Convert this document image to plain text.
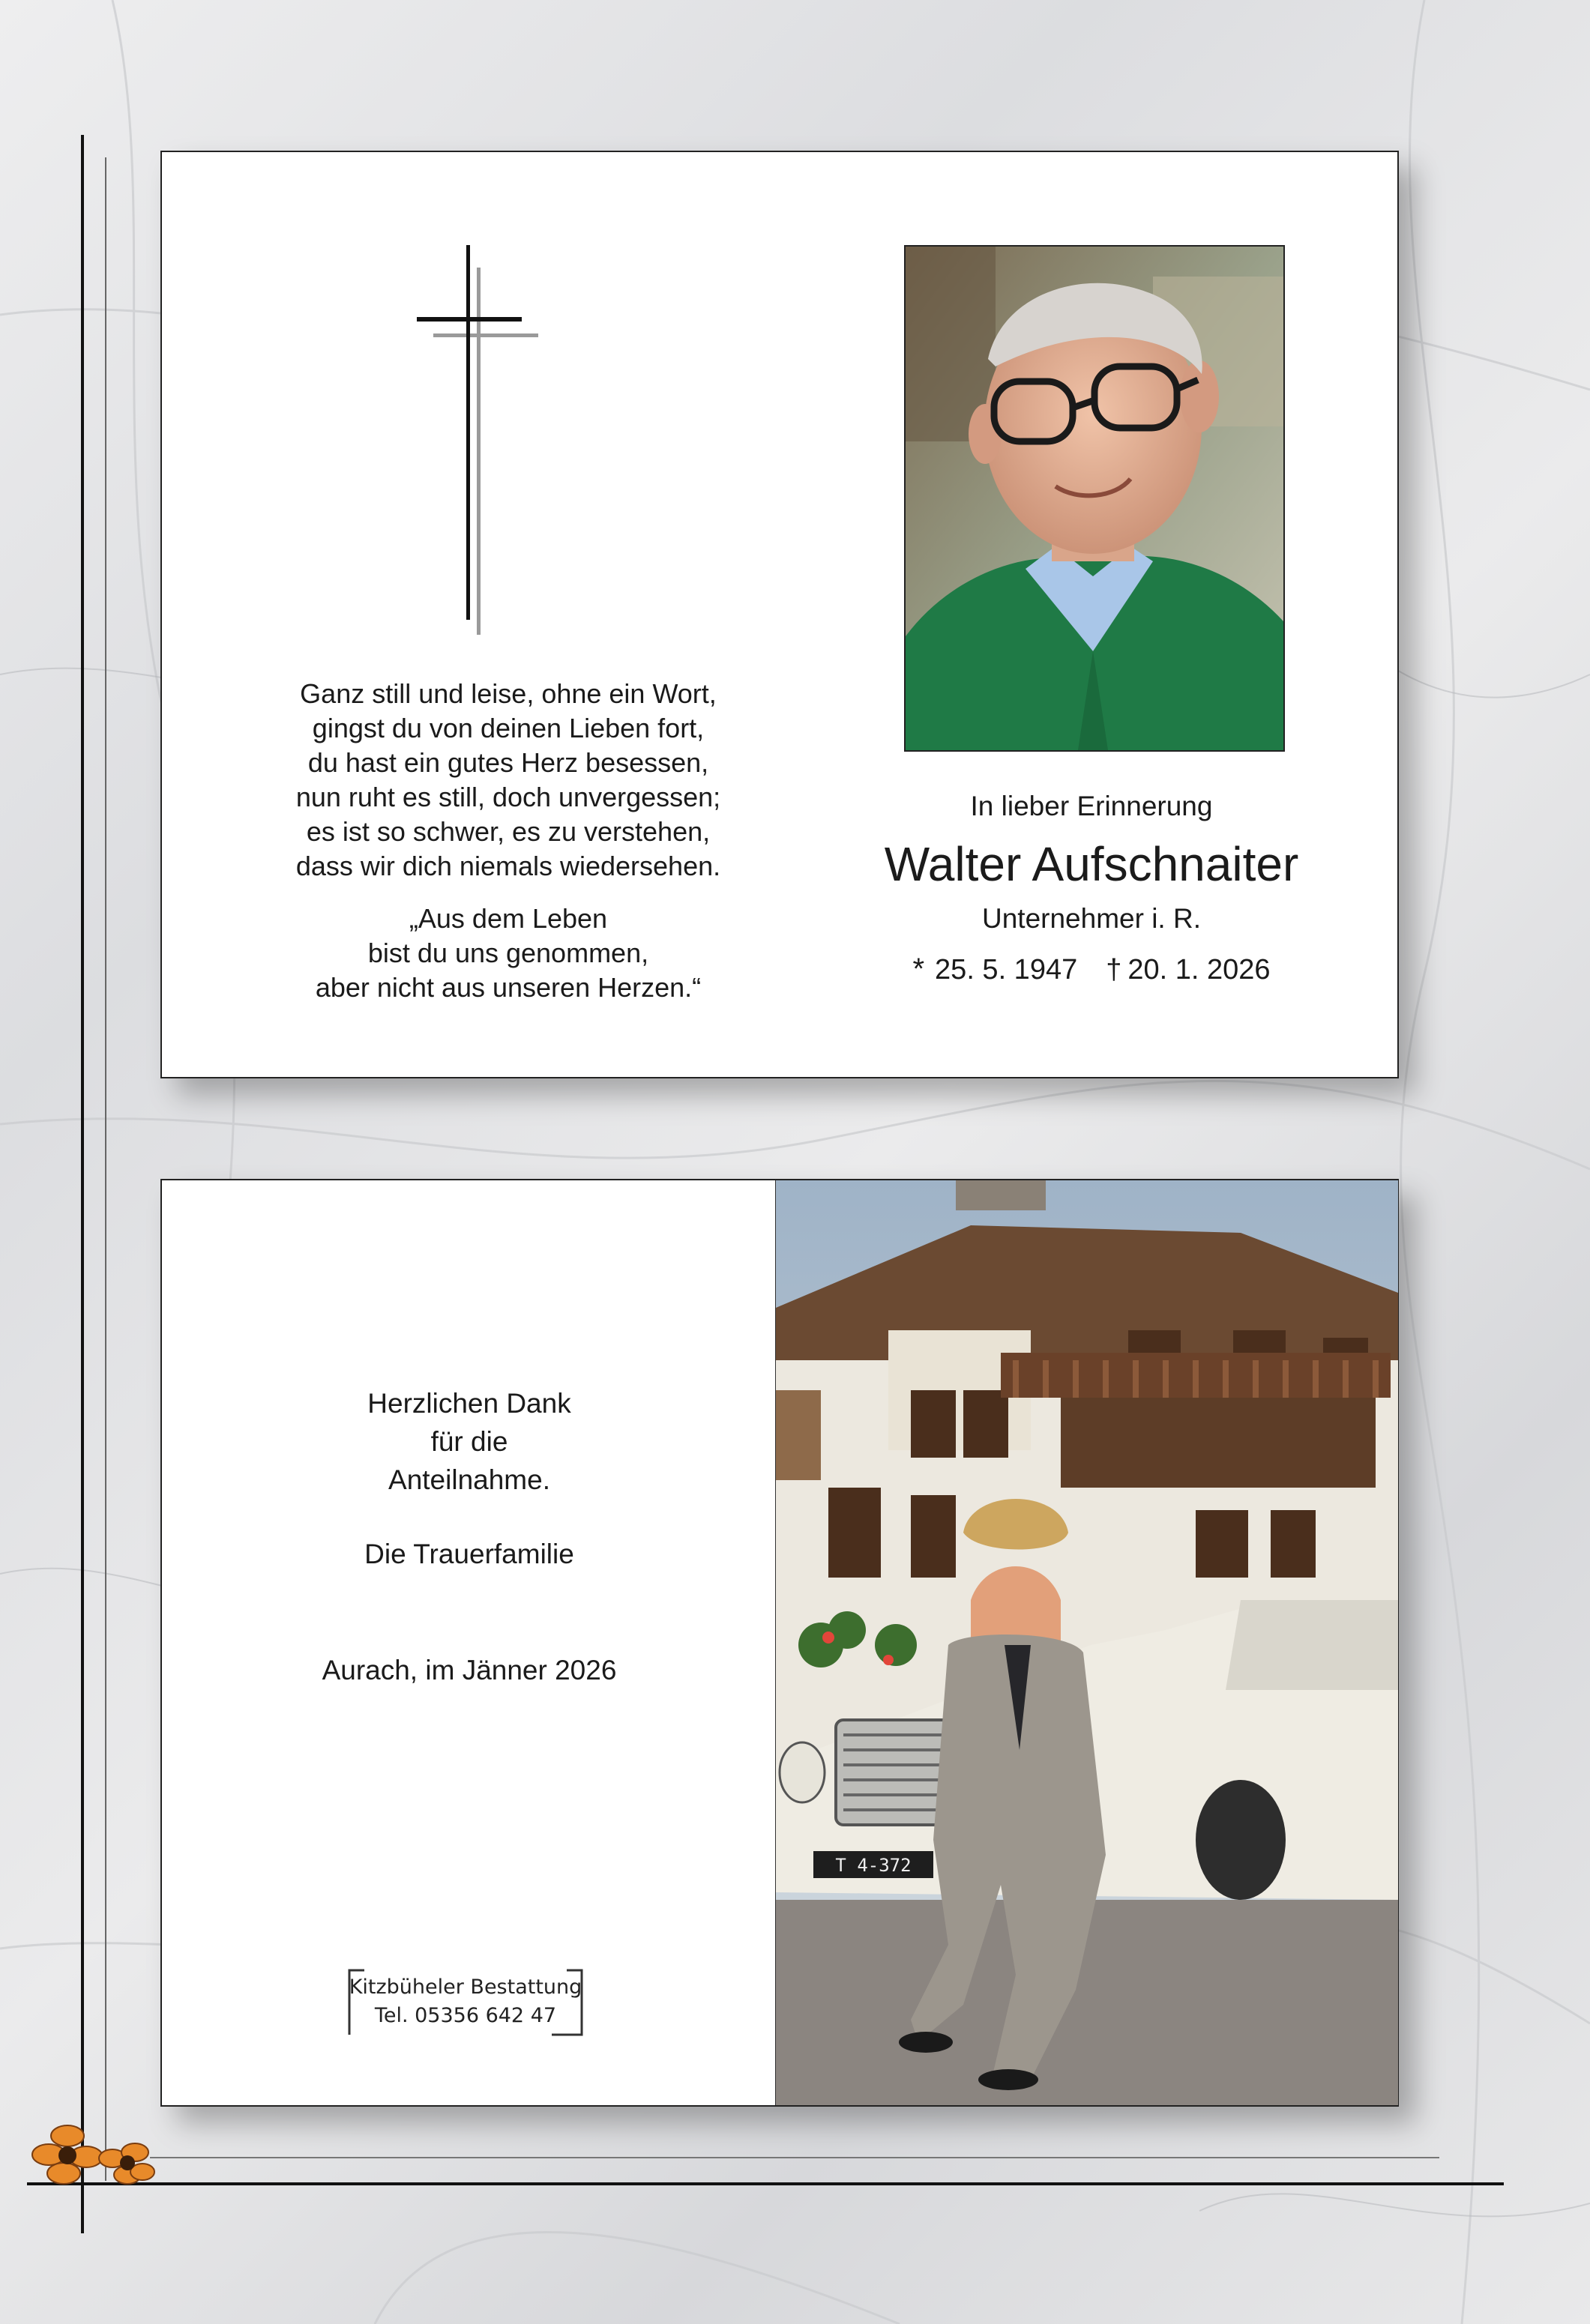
Ganz still und leise, ohne ein Wort,
gingst du von deinen Lieben fort,
du hast ein gutes Herz besessen,
nun ruht es still, doch unvergessen;
es ist so schwer, es zu verstehen,
dass wir dich niemals wiedersehen.
„Aus dem Leben
bist du uns genommen,
aber nicht aus unseren Herzen.“
In lieber Erinnerung
Walter Aufschnaiter
Unternehmer i. R.
* 25. 5. 1947 † 20. 1. 2026
Herzlichen Dank
für die
Anteilnahme.
Die Trauerfamilie
Aurach, im Jänner 2026
Kitzbüheler Bestattung
Tel. 05356 642 47
T 4-372
